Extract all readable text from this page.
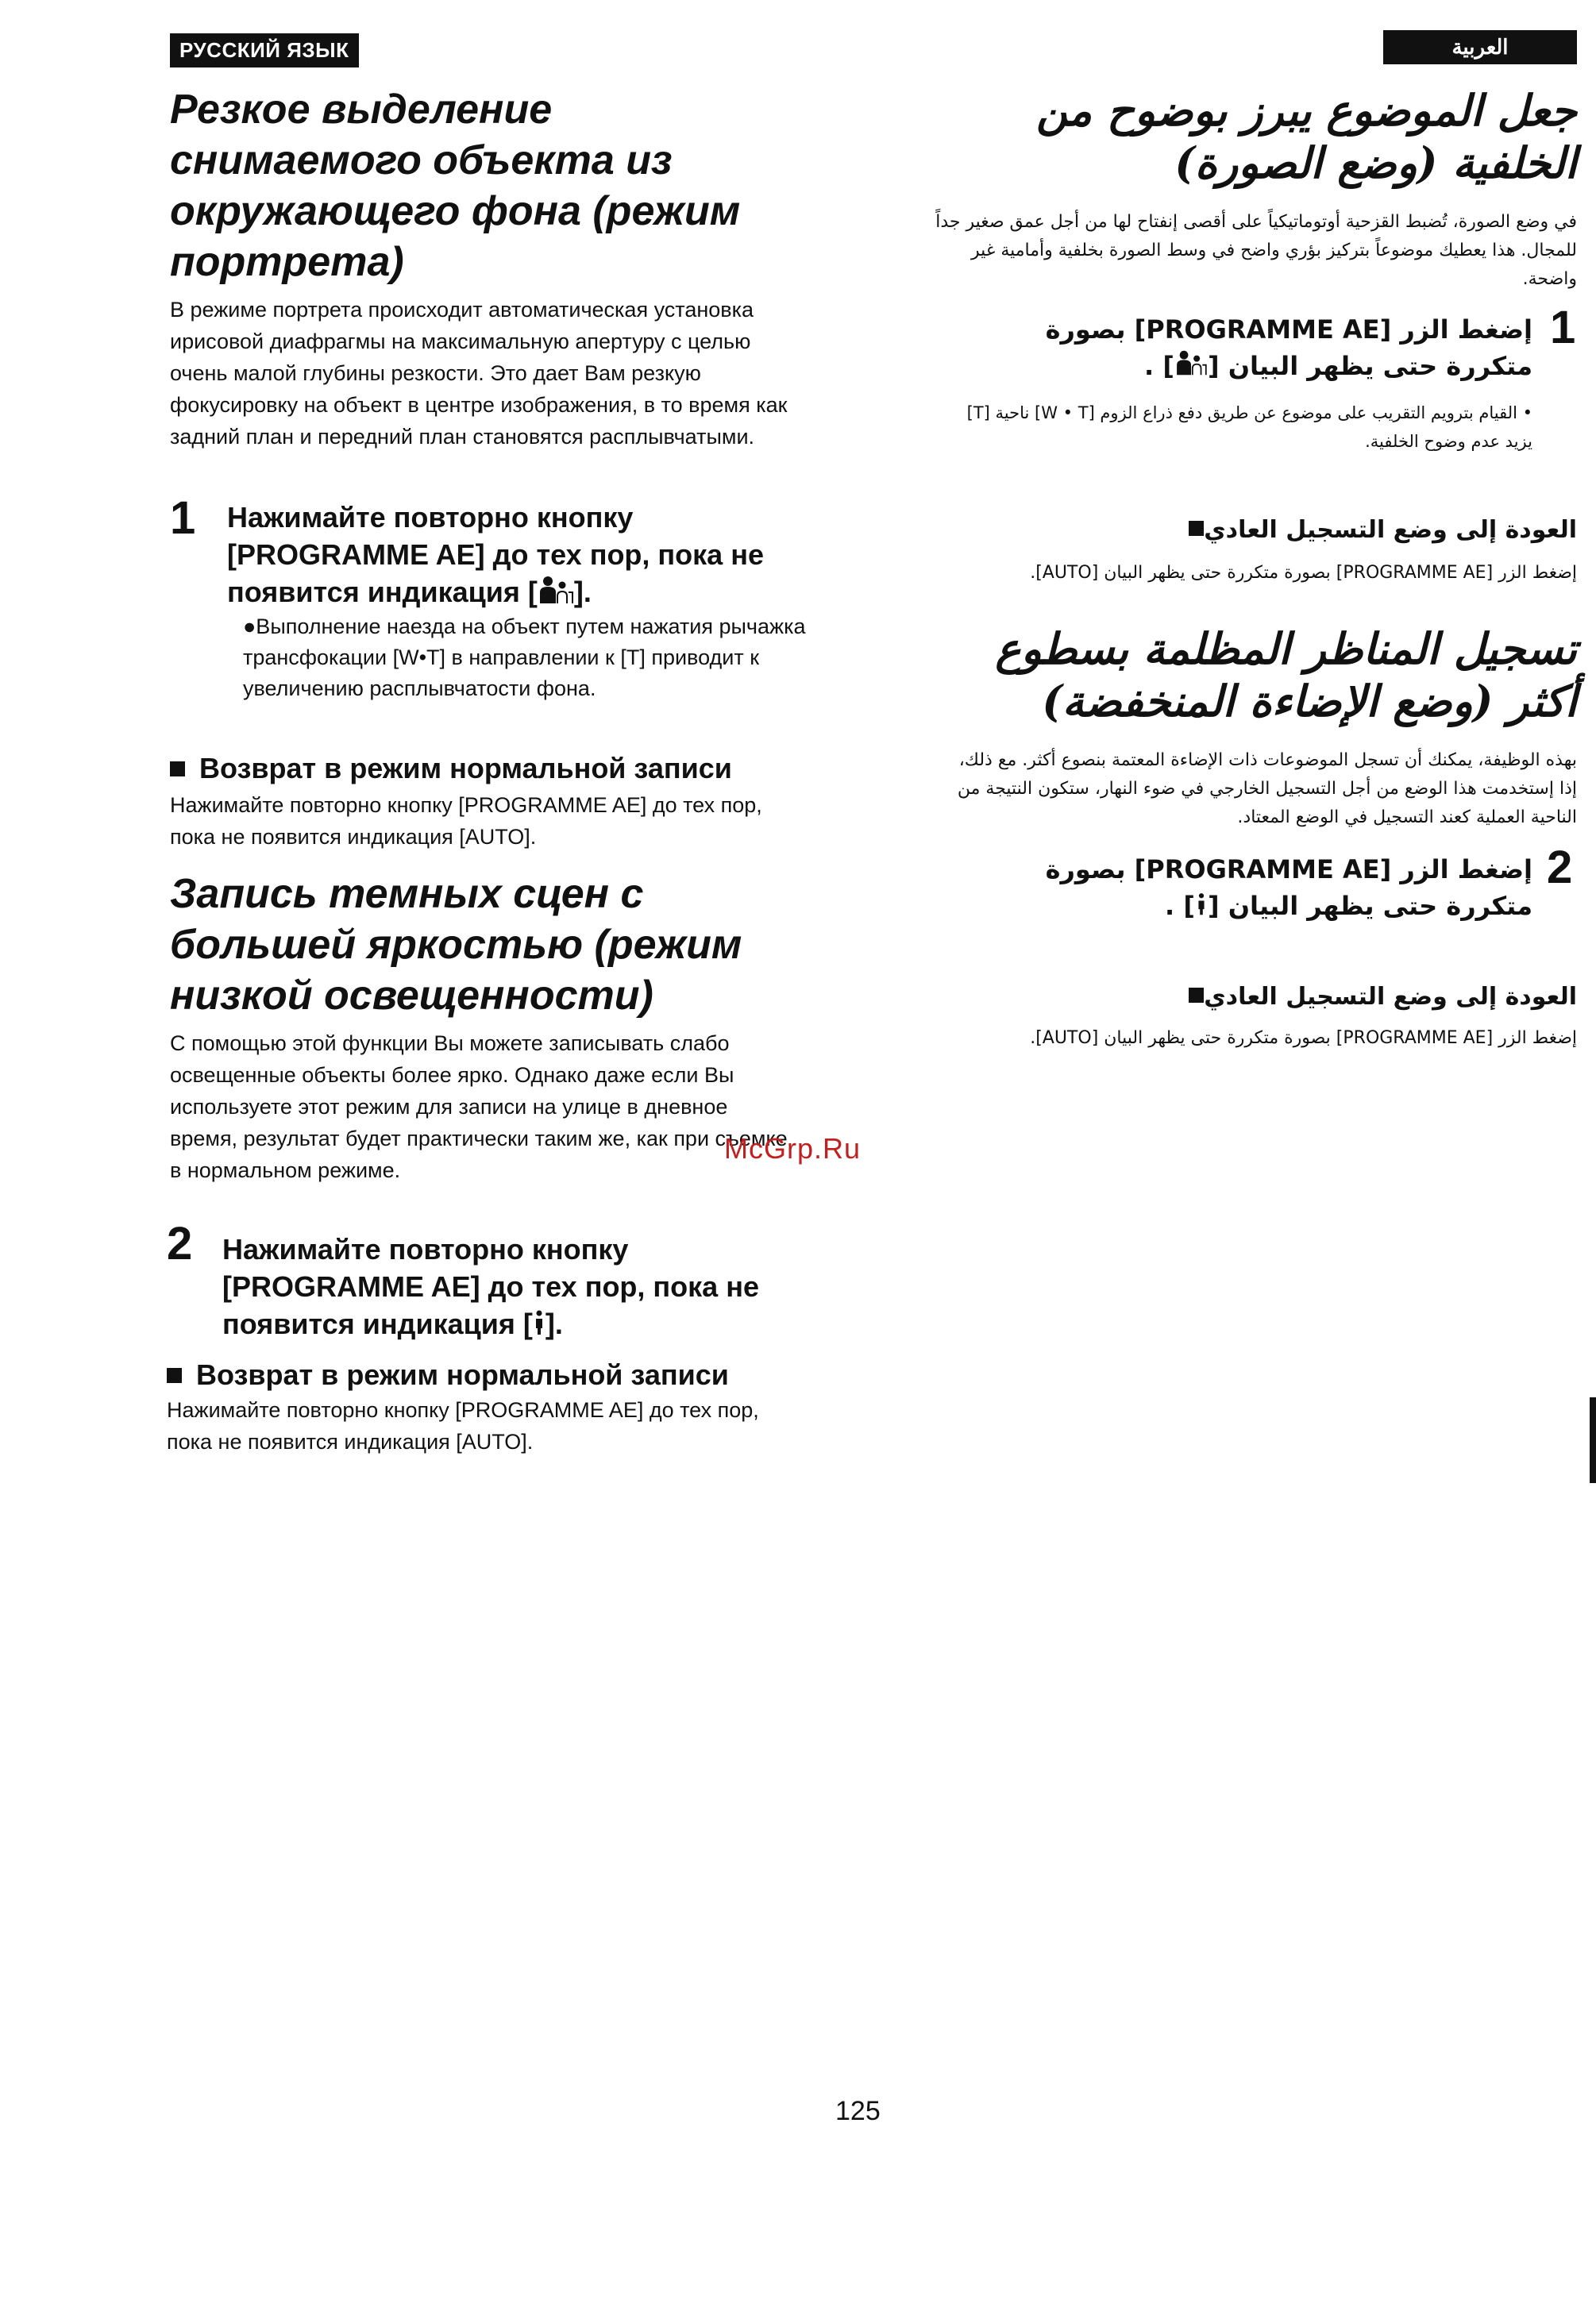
РУССКИЙ ЯЗЫК
Резкое выделение снимаемого объекта из окружающего фона (режим портрета)

В режиме портрета происходит автоматическая установка ирисовой диафрагмы на максимальную апертуру с целью очень малой глубины резкости. Это дает Вам резкую фокусировку на объект в центре изображения, в то время как задний план и передний план становятся расплывчатыми.

1 Нажимайте повторно кнопку [PROGRAMME AE] до тех пор, пока не появится индикация [ ].
●Выполнение наезда на объект путем нажатия рычажка трансфокации [W•T] в направлении к [T] приводит к увеличению расплывчатости фона.
Возврат в режим нормальной записи
Нажимайте повторно кнопку [PROGRAMME AE] до тех пор, пока не появится индикация [AUTO].
Запись темных сцен с большей яркостью (режим низкой освещенности)

С помощью этой функции Вы можете записывать слабо освещенные объекты более ярко. Однако даже если Вы используете этот режим для записи на улице в дневное время, результат будет практически таким же, как при съемке в нормальном режиме.

2 Нажимайте повторно кнопку [PROGRAMME AE] до тех пор, пока не появится индикация [ ].
Возврат в режим нормальной записи
Нажимайте повторно кнопку [PROGRAMME AE] до тех пор, пока не появится индикация [AUTO].
العربية
جعل الموضوع يبرز بوضوح من الخلفية (وضع الصورة)
في وضع الصورة، تُضبط القزحية أوتوماتيكياً على أقصى إنفتاح لها من أجل عمق صغير جداً للمجال. هذا يعطيك موضوعاً بتركيز بؤري واضح في وسط الصورة بخلفية وأمامية غير واضحة.
1
إضغط الزر [PROGRAMME AE] بصورة متكررة حتى يظهر البيان [] .
• القيام بترويم التقريب على موضوع عن طريق دفع ذراع الزوم [W • T] ناحية [T] يزيد عدم وضوح الخلفية.
العودة إلى وضع التسجيل العادي
إضغط الزر [PROGRAMME AE] بصورة متكررة حتى يظهر البيان [AUTO].
تسجيل المناظر المظلمة بسطوع أكثر (وضع الإضاءة المنخفضة)
بهذه الوظيفة، يمكنك أن تسجل الموضوعات ذات الإضاءة المعتمة بنصوع أكثر. مع ذلك، إذا إستخدمت هذا الوضع من أجل التسجيل الخارجي في ضوء النهار، ستكون النتيجة من الناحية العملية كعند التسجيل في الوضع المعتاد.
2
إضغط الزر [PROGRAMME AE] بصورة متكررة حتى يظهر البيان [] .
العودة إلى وضع التسجيل العادي
إضغط الزر [PROGRAMME AE] بصورة متكررة حتى يظهر البيان [AUTO].
McGrp.Ru
125
